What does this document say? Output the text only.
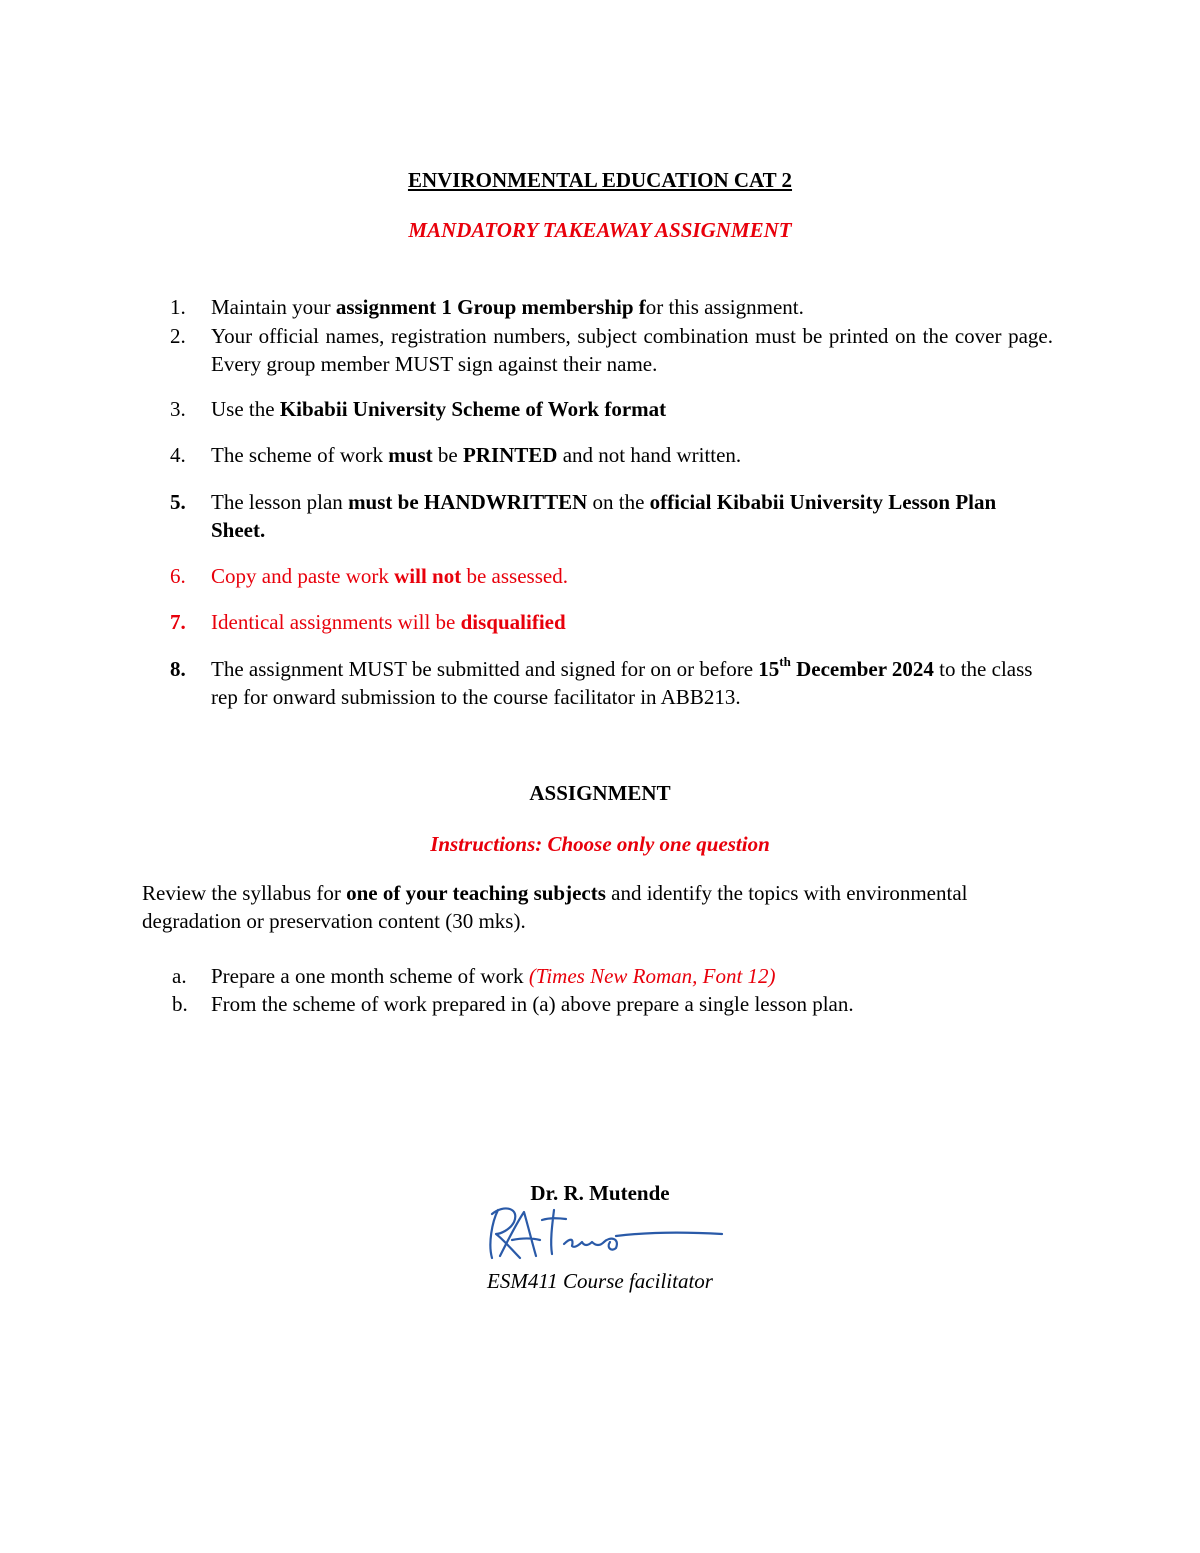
ENVIRONMENTAL EDUCATION CAT 2
MANDATORY TAKEAWAY ASSIGNMENT
1.	Maintain your assignment 1 Group membership for this assignment.
2.	Your official names, registration numbers, subject combination must be printed on the cover page. Every group member MUST sign against their name.
3.	Use the Kibabii University Scheme of Work format
4.	The scheme of work must be PRINTED and not hand written.
5.	The lesson plan must be HANDWRITTEN on the official Kibabii University Lesson Plan Sheet.
6.	Copy and paste work will not be assessed.
7.	Identical assignments will be disqualified
8.	The assignment MUST be submitted and signed for on or before 15th December 2024 to the class rep for onward submission to the course facilitator in ABB213.
ASSIGNMENT
Instructions: Choose only one question
Review the syllabus for one of your teaching subjects and identify the topics with environmental degradation or preservation content (30 mks).
a.	Prepare a one month scheme of work (Times New Roman, Font 12)
b.	From the scheme of work prepared in (a) above prepare a single lesson plan.
Dr. R. Mutende
ESM411 Course facilitator
